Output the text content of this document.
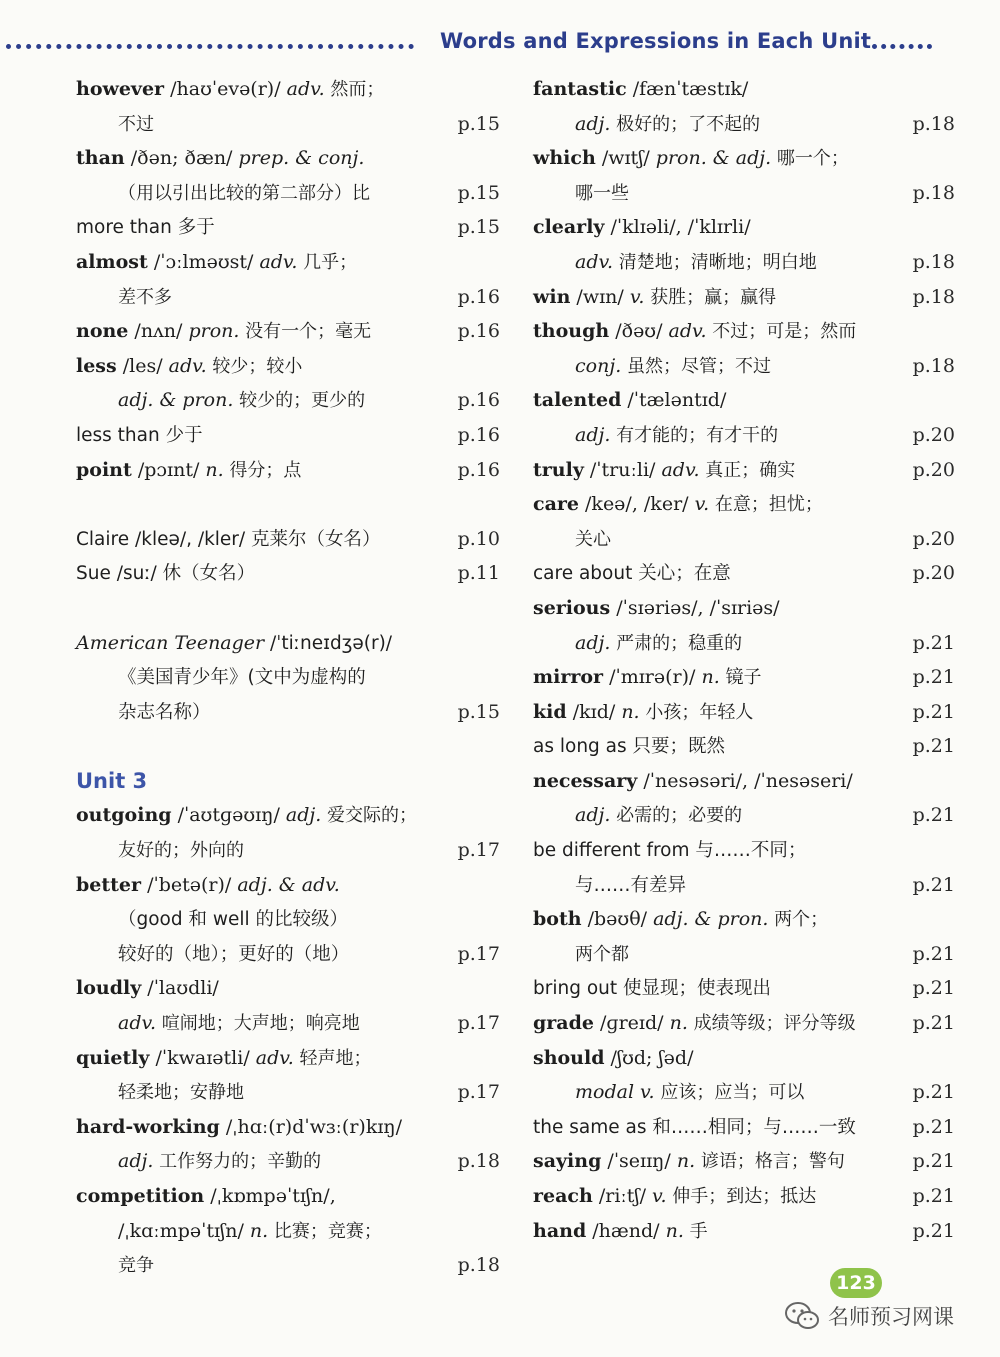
Words and Expressions in Each Unit
however /haʊˈevə(r)/ adv. 然而；
不过	p.15
than /ðən; ðæn/ prep. & conj.
（用以引出比较的第二部分）比	p.15
more than 多于	p.15
almost /ˈɔːlməʊst/ adv. 几乎；
差不多	p.16
none /nʌn/ pron. 没有一个；毫无	p.16
less /les/ adv. 较少；较小
adj. & pron. 较少的；更少的	p.16
less than 少于	p.16
point /pɔɪnt/ n. 得分；点	p.16
Claire /kleə/, /kler/ 克莱尔（女名）	p.10
Sue /suː/ 休（女名）	p.11
American Teenager /ˈtiːneɪdʒə(r)/
《美国青少年》(文中为虚构的
杂志名称）	p.15
Unit 3
outgoing /ˈaʊtɡəʊɪŋ/ adj. 爱交际的；
友好的；外向的	p.17
better /ˈbetə(r)/ adj. & adv.
（good 和 well 的比较级）
较好的（地）；更好的（地）	p.17
loudly /ˈlaʊdli/
adv. 喧闹地；大声地；响亮地	p.17
quietly /ˈkwaɪətli/ adv. 轻声地；
轻柔地；安静地	p.17
hard-working /ˌhɑː(r)dˈwɜː(r)kɪŋ/
adj. 工作努力的；辛勤的	p.18
competition /ˌkɒmpəˈtɪʃn/,
/ˌkɑːmpəˈtɪʃn/ n. 比赛；竞赛；
竞争	p.18
fantastic /fænˈtæstɪk/
adj. 极好的；了不起的	p.18
which /wɪtʃ/ pron. & adj. 哪一个；
哪一些	p.18
clearly /ˈklɪəli/, /ˈklɪrli/
adv. 清楚地；清晰地；明白地	p.18
win /wɪn/ v. 获胜；赢；赢得	p.18
though /ðəʊ/ adv. 不过；可是；然而
conj. 虽然；尽管；不过	p.18
talented /ˈtæləntɪd/
adj. 有才能的；有才干的	p.20
truly /ˈtruːli/ adv. 真正；确实	p.20
care /keə/, /ker/ v. 在意；担忧；
关心	p.20
care about 关心；在意	p.20
serious /ˈsɪəriəs/, /ˈsɪriəs/
adj. 严肃的；稳重的	p.21
mirror /ˈmɪrə(r)/ n. 镜子	p.21
kid /kɪd/ n. 小孩；年轻人	p.21
as long as 只要；既然	p.21
necessary /ˈnesəsəri/, /ˈnesəseri/
adj. 必需的；必要的	p.21
be different from 与……不同；
与……有差异	p.21
both /bəʊθ/ adj. & pron. 两个；
两个都	p.21
bring out 使显现；使表现出	p.21
grade /ɡreɪd/ n. 成绩等级；评分等级	p.21
should /ʃʊd; ʃəd/
modal v. 应该；应当；可以	p.21
the same as 和……相同；与……一致	p.21
saying /ˈseɪɪŋ/ n. 谚语；格言；警句	p.21
reach /riːtʃ/ v. 伸手；到达；抵达	p.21
hand /hænd/ n. 手	p.21
123
名师预习网课
